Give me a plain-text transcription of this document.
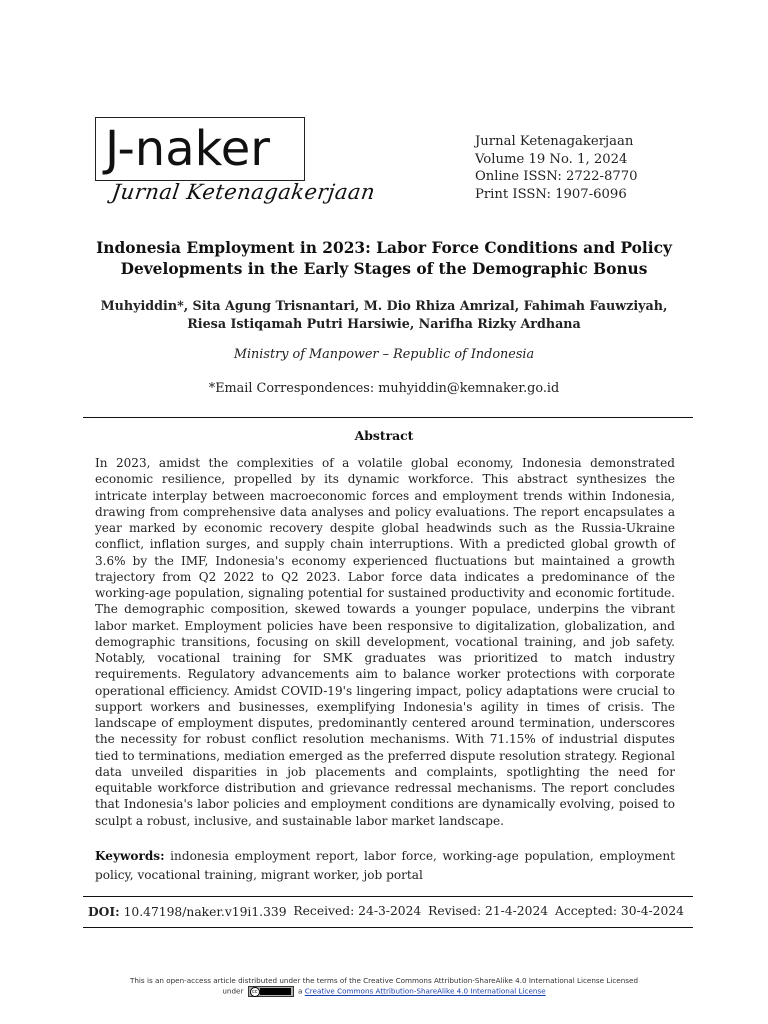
J-naker
Jurnal Ketenagakerjaan
Jurnal Ketenagakerjaan
Volume 19 No. 1, 2024
Online ISSN: 2722-8770
Print ISSN: 1907-6096
Indonesia Employment in 2023: Labor Force Conditions and Policy Developments in the Early Stages of the Demographic Bonus
Muhyiddin*, Sita Agung Trisnantari, M. Dio Rhiza Amrizal, Fahimah Fauwziyah, Riesa Istiqamah Putri Harsiwie, Narifha Rizky Ardhana
Ministry of Manpower – Republic of Indonesia
*Email Correspondences: muhyiddin@kemnaker.go.id
Abstract

In 2023, amidst the complexities of a volatile global economy, Indonesia demonstrated economic resilience, propelled by its dynamic workforce. This abstract synthesizes the intricate interplay between macroeconomic forces and employment trends within Indonesia, drawing from comprehensive data analyses and policy evaluations. The report encapsulates a year marked by economic recovery despite global headwinds such as the Russia-Ukraine conflict, inflation surges, and supply chain interruptions. With a predicted global growth of 3.6% by the IMF, Indonesia's economy experienced fluctuations but maintained a growth trajectory from Q2 2022 to Q2 2023. Labor force data indicates a predominance of the working-age population, signaling potential for sustained productivity and economic fortitude. The demographic composition, skewed towards a younger populace, underpins the vibrant labor market. Employment policies have been responsive to digitalization, globalization, and demographic transitions, focusing on skill development, vocational training, and job safety. Notably, vocational training for SMK graduates was prioritized to match industry requirements. Regulatory advancements aim to balance worker protections with corporate operational efficiency. Amidst COVID-19's lingering impact, policy adaptations were crucial to support workers and businesses, exemplifying Indonesia's agility in times of crisis. The landscape of employment disputes, predominantly centered around termination, underscores the necessity for robust conflict resolution mechanisms. With 71.15% of industrial disputes tied to terminations, mediation emerged as the preferred dispute resolution strategy. Regional data unveiled disparities in job placements and complaints, spotlighting the need for equitable workforce distribution and grievance redressal mechanisms. The report concludes that Indonesia's labor policies and employment conditions are dynamically evolving, poised to sculpt a robust, inclusive, and sustainable labor market landscape.

Keywords: indonesia employment report, labor force, working-age population, employment policy, vocational training, migrant worker, job portal
DOI: 10.47198/naker.v19i1.339 Received: 24-3-2024 Revised: 21-4-2024 Accepted: 30-4-2024
This is an open-access article distributed under the terms of the Creative Commons Attribution-ShareAlike 4.0 International License Licensed
under	cc	a Creative Commons Attribution-ShareAlike 4.0 International License
